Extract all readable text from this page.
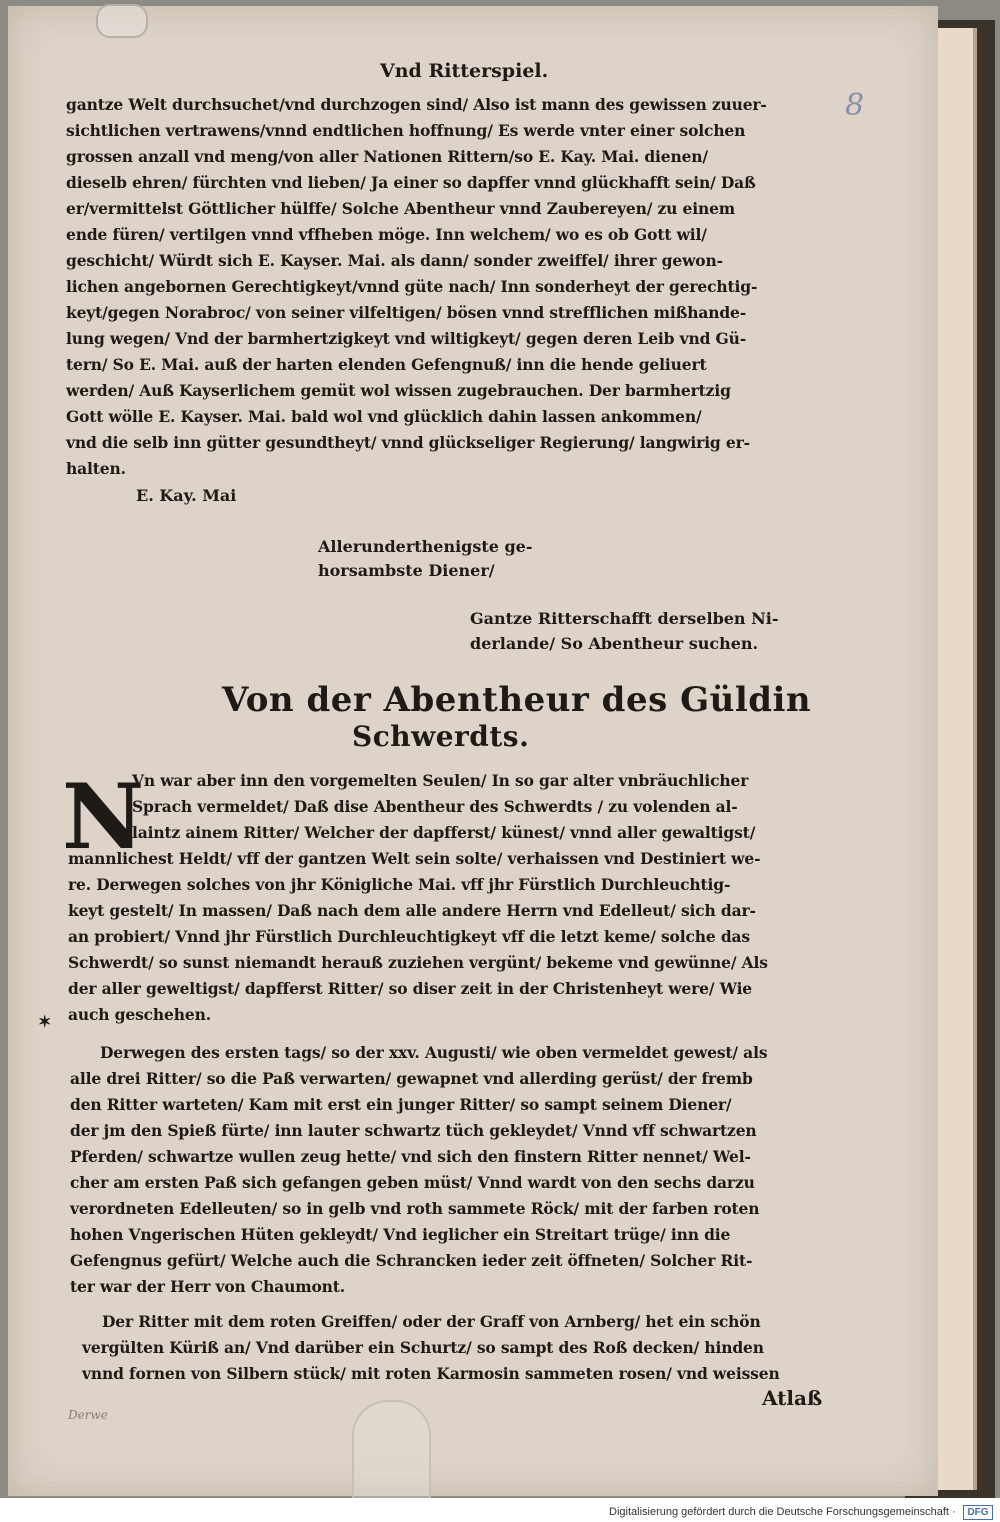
Vnd Ritterspiel.
8
gantze Welt durchsuchet/vnd durchzogen sind/ Also ist mann des gewissen zuuer-
sichtlichen vertrawens/vnnd endtlichen hoffnung/ Es werde vnter einer solchen
grossen anzall vnd meng/von aller Nationen Rittern/so E. Kay. Mai. dienen/
dieselb ehren/ fürchten vnd lieben/ Ja einer so dapffer vnnd glückhafft sein/ Daß
er/vermittelst Göttlicher hülffe/ Solche Abentheur vnnd Zaubereyen/ zu einem
ende füren/ vertilgen vnnd vffheben möge. Inn welchem/ wo es ob Gott wil/
geschicht/ Würdt sich E. Kayser. Mai. als dann/ sonder zweiffel/ ihrer gewon-
lichen angebornen Gerechtigkeyt/vnnd güte nach/ Inn sonderheyt der gerechtig-
keyt/gegen Norabroc/ von seiner vilfeltigen/ bösen vnnd strefflichen mißhande-
lung wegen/ Vnd der barmhertzigkeyt vnd wiltigkeyt/ gegen deren Leib vnd Gü-
tern/ So E. Mai. auß der harten elenden Gefengnuß/ inn die hende geliuert
werden/ Auß Kayserlichem gemüt wol wissen zugebrauchen. Der barmhertzig
Gott wölle E. Kayser. Mai. bald wol vnd glücklich dahin lassen ankommen/
vnd die selb inn gütter gesundtheyt/ vnnd glückseliger Regierung/ langwirig er-
halten.
E. Kay. Mai
Allerunderthenigste ge-
horsambste Diener/
Gantze Ritterschafft derselben Ni-
derlande/ So Abentheur suchen.
Von der Abentheur des Güldin
Schwerdts.
N
Vn war aber inn den vorgemelten Seulen/ In so gar alter vnbräuchlicher
Sprach vermeldet/ Daß dise Abentheur des Schwerdts / zu volenden al-
laintz ainem Ritter/ Welcher der dapfferst/ künest/ vnnd aller gewaltigst/
mannlichest Heldt/ vff der gantzen Welt sein solte/ verhaissen vnd Destiniert we-
re. Derwegen solches von jhr Königliche Mai. vff jhr Fürstlich Durchleuchtig-
keyt gestelt/ In massen/ Daß nach dem alle andere Herrn vnd Edelleut/ sich dar-
an probiert/ Vnnd jhr Fürstlich Durchleuchtigkeyt vff die letzt keme/ solche das
Schwerdt/ so sunst niemandt herauß zuziehen vergünt/ bekeme vnd gewünne/ Als
der aller geweltigst/ dapfferst Ritter/ so diser zeit in der Christenheyt were/ Wie
auch geschehen.
✶
Derwegen des ersten tags/ so der xxv. Augusti/ wie oben vermeldet gewest/ als
alle drei Ritter/ so die Paß verwarten/ gewapnet vnd allerding gerüst/ der fremb
den Ritter warteten/ Kam mit erst ein junger Ritter/ so sampt seinem Diener/
der jm den Spieß fürte/ inn lauter schwartz tüch gekleydet/ Vnnd vff schwartzen
Pferden/ schwartze wullen zeug hette/ vnd sich den finstern Ritter nennet/ Wel-
cher am ersten Paß sich gefangen geben müst/ Vnnd wardt von den sechs darzu
verordneten Edelleuten/ so in gelb vnd roth sammete Röck/ mit der farben roten
hohen Vngerischen Hüten gekleydt/ Vnd ieglicher ein Streitart trüge/ inn die
Gefengnus gefürt/ Welche auch die Schrancken ieder zeit öffneten/ Solcher Rit-
ter war der Herr von Chaumont.
Der Ritter mit dem roten Greiffen/ oder der Graff von Arnberg/ het ein schön
vergülten Küriß an/ Vnd darüber ein Schurtz/ so sampt des Roß decken/ hinden
vnnd fornen von Silbern stück/ mit roten Karmosin sammeten rosen/ vnd weissen
Atlaß
Derwe
Digitalisierung gefördert durch die Deutsche Forschungsgemeinschaft ·	DFG
